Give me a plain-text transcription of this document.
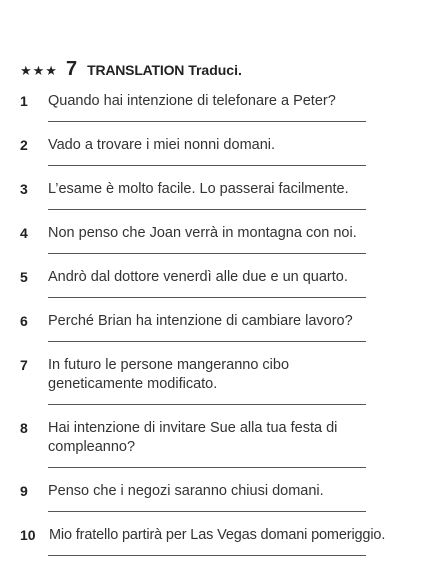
★★★ 7 TRANSLATION Traduci.
1	Quando hai intenzione di telefonare a Peter?
2	Vado a trovare i miei nonni domani.
3	L’esame è molto facile. Lo passerai facilmente.
4	Non penso che Joan verrà in montagna con noi.
5	Andrò dal dottore venerdì alle due e un quarto.
6	Perché Brian ha intenzione di cambiare lavoro?
7	In futuro le persone mangeranno cibo geneticamente modificato.
8	Hai intenzione di invitare Sue alla tua festa di compleanno?
9	Penso che i negozi saranno chiusi domani.
10 Mio fratello partirà per Las Vegas domani pomeriggio.
